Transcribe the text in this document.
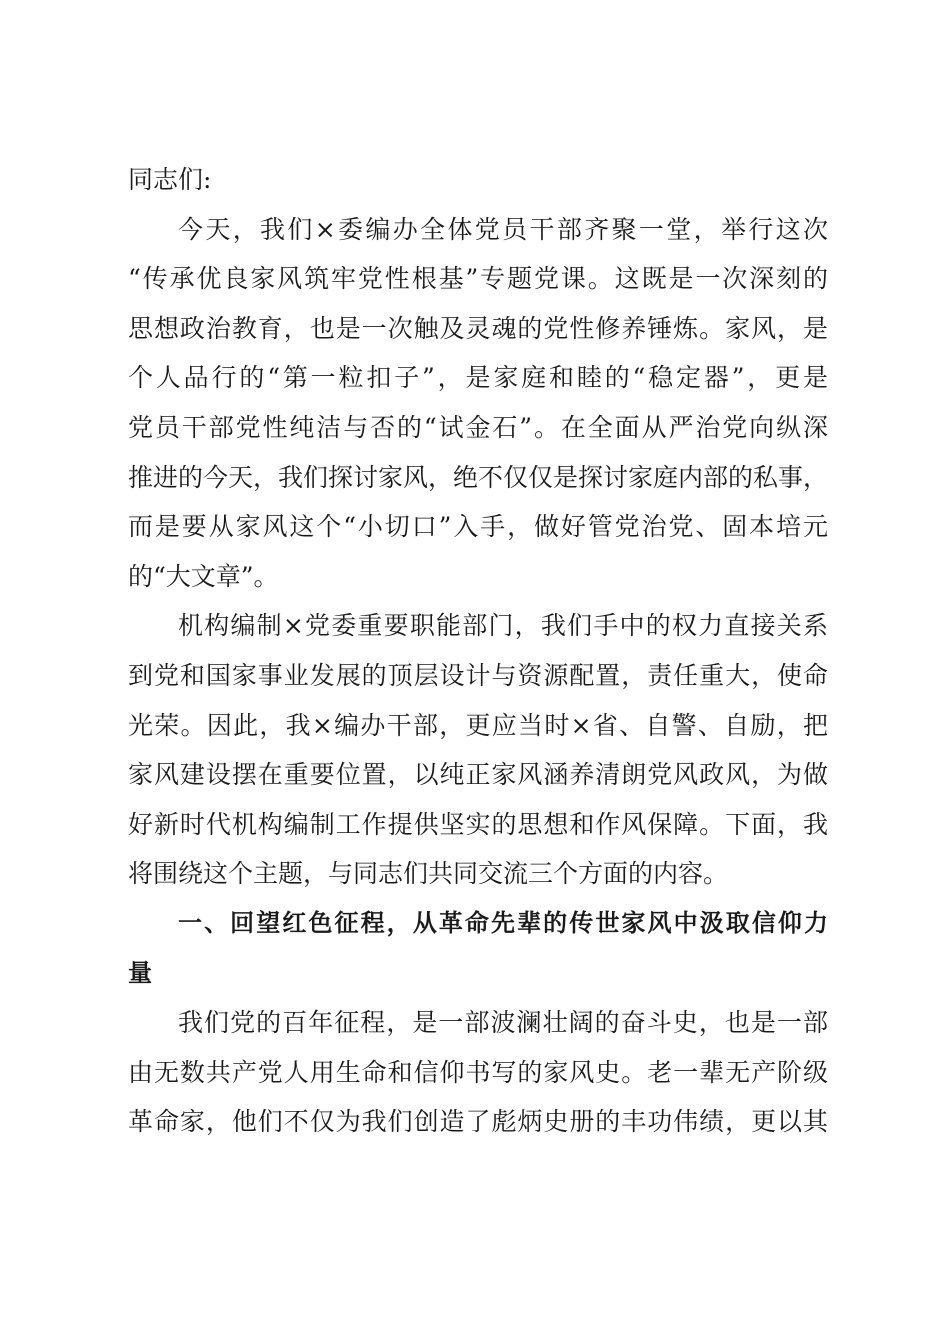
同志们:
今天，我们×委编办全体党员干部齐聚一堂，举行这次
“传承优良家风筑牢党性根基”专题党课。这既是一次深刻的
思想政治教育，也是一次触及灵魂的党性修养锤炼。家风，是
个人品行的“第一粒扣子”，是家庭和睦的“稳定器”，更是
党员干部党性纯洁与否的“试金石”。在全面从严治党向纵深
推进的今天，我们探讨家风，绝不仅仅是探讨家庭内部的私事，
而是要从家风这个“小切口”入手，做好管党治党、固本培元
的“大文章”。
机构编制×党委重要职能部门，我们手中的权力直接关系
到党和国家事业发展的顶层设计与资源配置，责任重大，使命
光荣。因此，我×编办干部，更应当时×省、自警、自励，把
家风建设摆在重要位置，以纯正家风涵养清朗党风政风，为做
好新时代机构编制工作提供坚实的思想和作风保障。下面，我
将围绕这个主题，与同志们共同交流三个方面的内容。
一、回望红色征程，从革命先辈的传世家风中汲取信仰力
量
我们党的百年征程，是一部波澜壮阔的奋斗史，也是一部
由无数共产党人用生命和信仰书写的家风史。老一辈无产阶级
革命家，他们不仅为我们创造了彪炳史册的丰功伟绩，更以其
